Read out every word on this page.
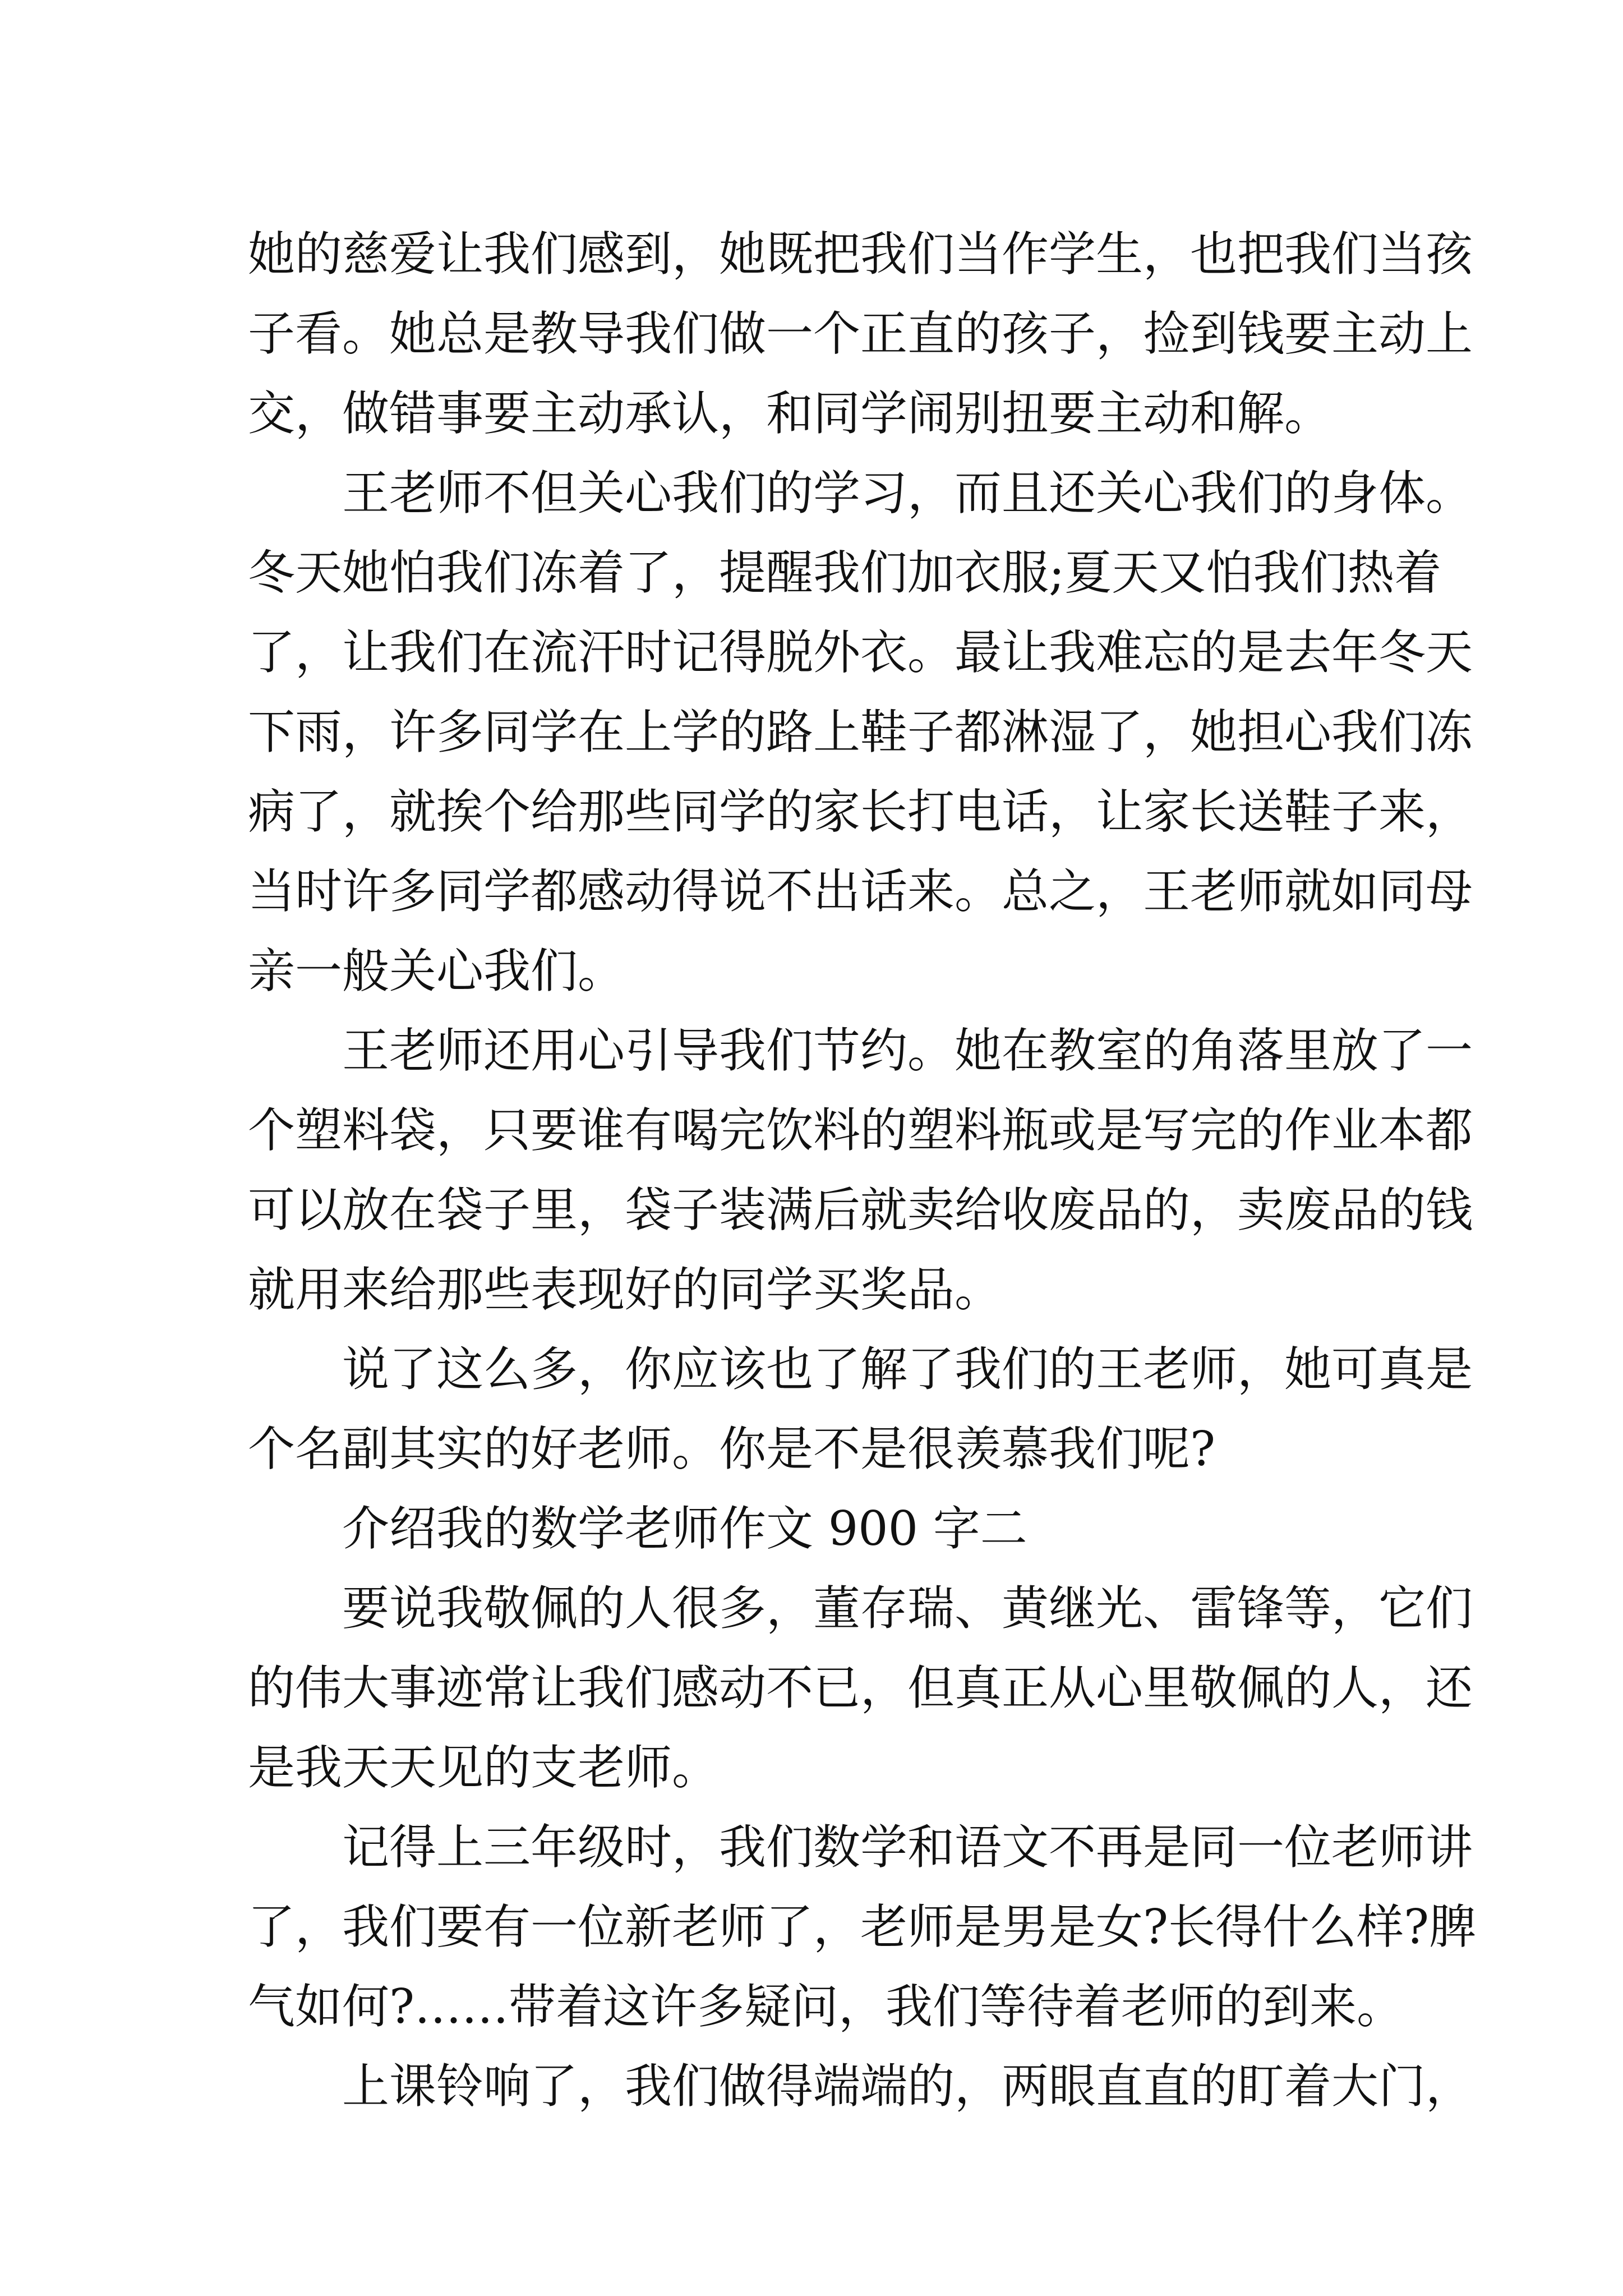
她的慈爱让我们感到，她既把我们当作学生，也把我们当孩
子看。她总是教导我们做一个正直的孩子，捡到钱要主动上
交，做错事要主动承认，和同学闹别扭要主动和解。

王老师不但关心我们的学习，而且还关心我们的身体。
冬天她怕我们冻着了，提醒我们加衣服;夏天又怕我们热着
了，让我们在流汗时记得脱外衣。最让我难忘的是去年冬天
下雨，许多同学在上学的路上鞋子都淋湿了，她担心我们冻
病了，就挨个给那些同学的家长打电话，让家长送鞋子来，
当时许多同学都感动得说不出话来。总之，王老师就如同母
亲一般关心我们。

王老师还用心引导我们节约。她在教室的角落里放了一
个塑料袋，只要谁有喝完饮料的塑料瓶或是写完的作业本都
可以放在袋子里，袋子装满后就卖给收废品的，卖废品的钱
就用来给那些表现好的同学买奖品。

说了这么多，你应该也了解了我们的王老师，她可真是
个名副其实的好老师。你是不是很羡慕我们呢?

介绍我的数学老师作文 900 字二

要说我敬佩的人很多，董存瑞、黄继光、雷锋等，它们
的伟大事迹常让我们感动不已，但真正从心里敬佩的人，还
是我天天见的支老师。

记得上三年级时，我们数学和语文不再是同一位老师讲
了，我们要有一位新老师了，老师是男是女?长得什么样?脾
气如何?……带着这许多疑问，我们等待着老师的到来。

上课铃响了，我们做得端端的，两眼直直的盯着大门，
